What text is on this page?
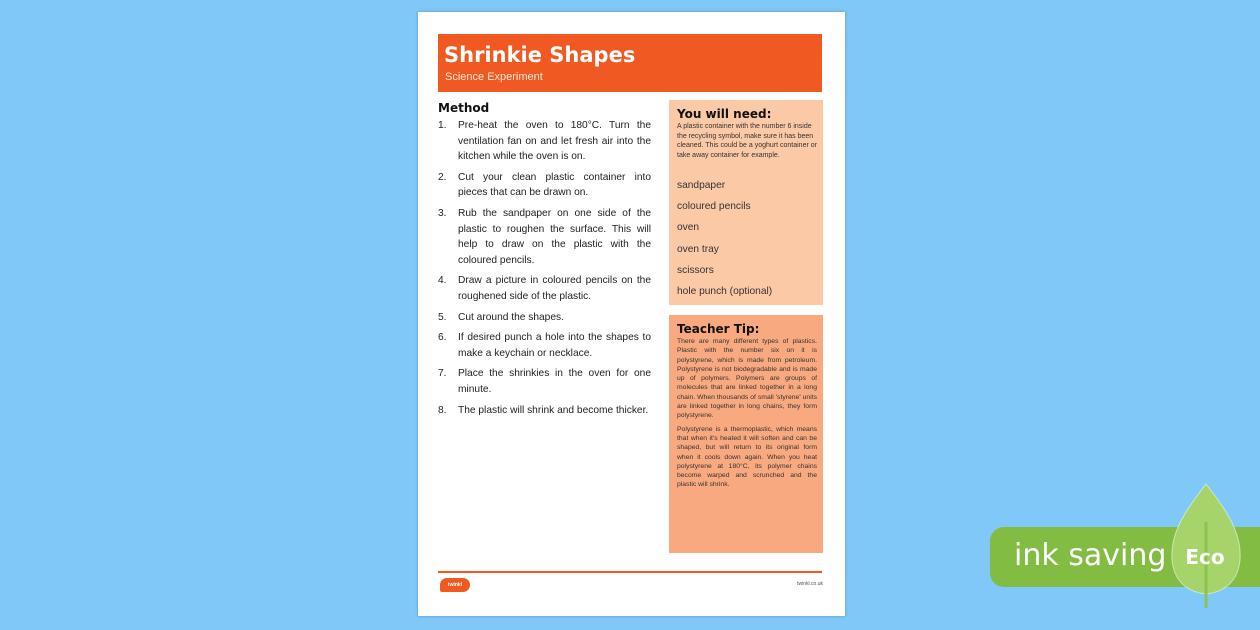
Shrinkie Shapes
Science Experiment
Method
1. Pre-heat the oven to 180°C. Turn the ventilation fan on and let fresh air into the kitchen while the oven is on.
2. Cut your clean plastic container into pieces that can be drawn on.
3. Rub the sandpaper on one side of the plastic to roughen the surface. This will help to draw on the plastic with the coloured pencils.
4. Draw a picture in coloured pencils on the roughened side of the plastic.
5. Cut around the shapes.
6. If desired punch a hole into the shapes to make a keychain or necklace.
7. Place the shrinkies in the oven for one minute.
8. The plastic will shrink and become thicker.
You will need:
A plastic container with the number 6 inside the recycling symbol, make sure it has been cleaned. This could be a yoghurt container or take away container for example.
sandpaper
coloured pencils
oven
oven tray
scissors
hole punch (optional)
Teacher Tip:

There are many different types of plastics. Plastic with the number six on it is polystyrene, which is made from petroleum. Polystyrene is not biodegradable and is made up of polymers. Polymers are groups of molecules that are linked together in a long chain. When thousands of small 'styrene' units are linked together in long chains, they form polystyrene.

Polystyrene is a thermoplastic, which means that when it's heated it will soften and can be shaped, but will return to its original form when it cools down again. When you heat polystyrene at 180°C, its polymer chains become warped and scrunched and the plastic will shrink.

twinkl	twinkl.co.uk
ink saving Eco
